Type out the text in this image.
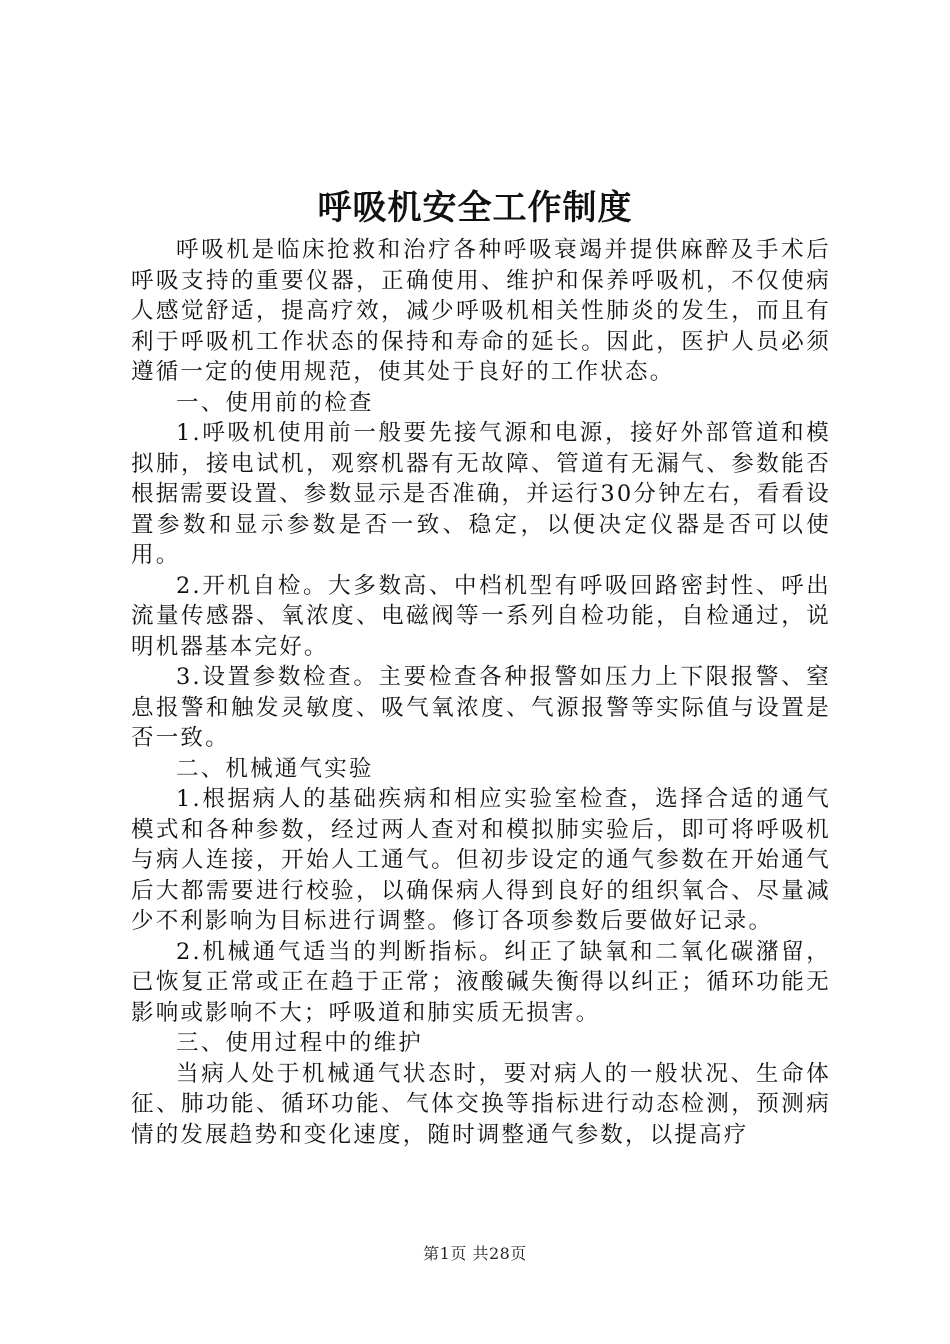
呼吸机安全工作制度

呼吸机是临床抢救和治疗各种呼吸衰竭并提供麻醉及手术后呼吸支持的重要仪器，正确使用、维护和保养呼吸机，不仅使病人感觉舒适，提高疗效，减少呼吸机相关性肺炎的发生，而且有利于呼吸机工作状态的保持和寿命的延长。因此，医护人员必须遵循一定的使用规范，使其处于良好的工作状态。

一、使用前的检查

1.呼吸机使用前一般要先接气源和电源，接好外部管道和模拟肺，接电试机，观察机器有无故障、管道有无漏气、参数能否根据需要设置、参数显示是否准确，并运行30分钟左右，看看设置参数和显示参数是否一致、稳定，以便决定仪器是否可以使用。

2.开机自检。大多数高、中档机型有呼吸回路密封性、呼出流量传感器、氧浓度、电磁阀等一系列自检功能，自检通过，说明机器基本完好。

3.设置参数检查。主要检查各种报警如压力上下限报警、窒息报警和触发灵敏度、吸气氧浓度、气源报警等实际值与设置是否一致。

二、机械通气实验

1.根据病人的基础疾病和相应实验室检查，选择合适的通气模式和各种参数，经过两人查对和模拟肺实验后，即可将呼吸机与病人连接，开始人工通气。但初步设定的通气参数在开始通气后大都需要进行校验，以确保病人得到良好的组织氧合、尽量减少不利影响为目标进行调整。修订各项参数后要做好记录。

2.机械通气适当的判断指标。纠正了缺氧和二氧化碳潴留，已恢复正常或正在趋于正常；液酸碱失衡得以纠正；循环功能无影响或影响不大；呼吸道和肺实质无损害。

三、使用过程中的维护

当病人处于机械通气状态时，要对病人的一般状况、生命体征、肺功能、循环功能、气体交换等指标进行动态检测，预测病情的发展趋势和变化速度，随时调整通气参数，以提高疗

第1页 共28页
